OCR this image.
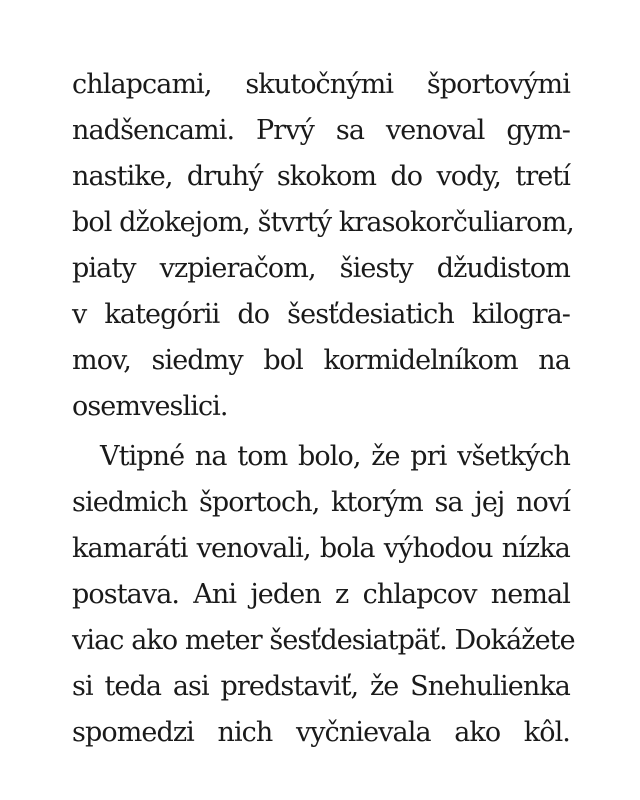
chlapcami, skutočnými športovými
nadšencami. Prvý sa venoval gym-
nastike, druhý skokom do vody, tretí
bol džokejom, štvrtý krasokorčuliarom,
piaty vzpieračom, šiesty džudistom
v kategórii do šesťdesiatich kilogra-
mov, siedmy bol kormidelníkom na
osemveslici.
Vtipné na tom bolo, že pri všetkých
siedmich športoch, ktorým sa jej noví
kamaráti venovali, bola výhodou nízka
postava. Ani jeden z chlapcov nemal
viac ako meter šesťdesiatpäť. Dokážete
si teda asi predstaviť, že Snehulienka
spomedzi nich vyčnievala ako kôl.
